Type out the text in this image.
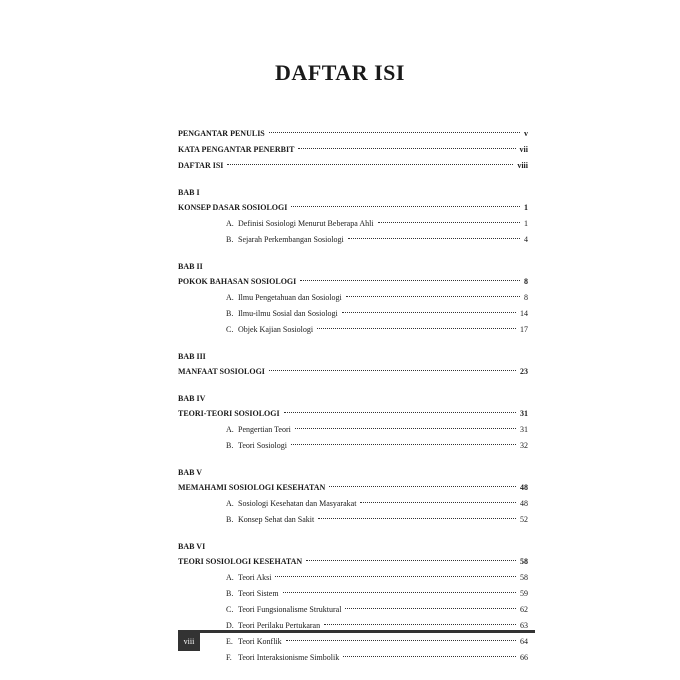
DAFTAR ISI
PENGANTAR PENULIS	v
KATA PENGANTAR PENERBIT	vii
DAFTAR ISI	viii
BAB I
KONSEP DASAR SOSIOLOGI	1
A. Definisi Sosiologi Menurut Beberapa Ahli	1
B. Sejarah Perkembangan Sosiologi	4
BAB II
POKOK BAHASAN SOSIOLOGI	8
A. Ilmu Pengetahuan dan Sosiologi	8
B. Ilmu-ilmu Sosial dan Sosiologi	14
C. Objek Kajian Sosiologi	17
BAB III
MANFAAT SOSIOLOGI	23
BAB IV
TEORI-TEORI SOSIOLOGI	31
A. Pengertian Teori	31
B. Teori Sosiologi	32
BAB V
MEMAHAMI SOSIOLOGI KESEHATAN	48
A. Sosiologi Kesehatan dan Masyarakat	48
B. Konsep Sehat dan Sakit	52
BAB VI
TEORI SOSIOLOGI KESEHATAN	58
A. Teori Aksi	58
B. Teori Sistem	59
C. Teori Fungsionalisme Struktural	62
D. Teori Perilaku Pertukaran	63
E. Teori Konflik	64
F. Teori Interaksionisme Simbolik	66
viii
